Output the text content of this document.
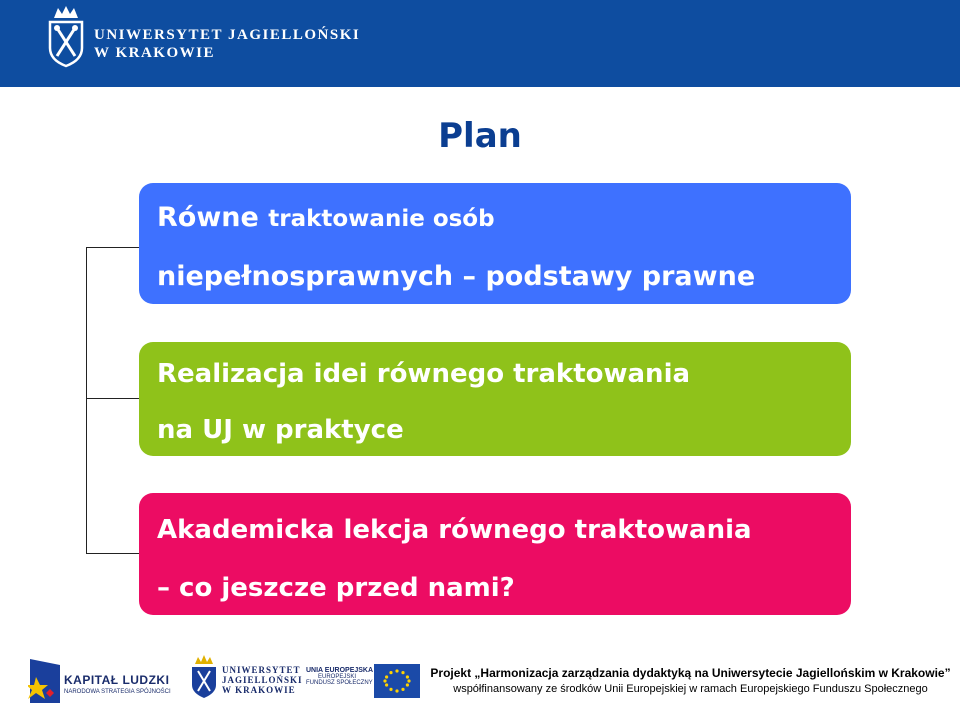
UNIWERSYTET JAGIELLOŃSKI
W KRAKOWIE
Plan
Równe traktowanie osób
niepełnosprawnych – podstawy prawne
Realizacja idei równego traktowania
na UJ w praktyce
Akademicka lekcja równego traktowania
– co jeszcze przed nami?
KAPITAŁ LUDZKI
NARODOWA STRATEGIA SPÓJNOŚCI
UNIWERSYTET
JAGIELLOŃSKI
W KRAKOWIE
UNIA EUROPEJSKA
EUROPEJSKI
FUNDUSZ SPOŁECZNY
Projekt „Harmonizacja zarządzania dydaktyką na Uniwersytecie Jagiellońskim w Krakowie”
współfinansowany ze środków Unii Europejskiej w ramach Europejskiego Funduszu Społecznego
